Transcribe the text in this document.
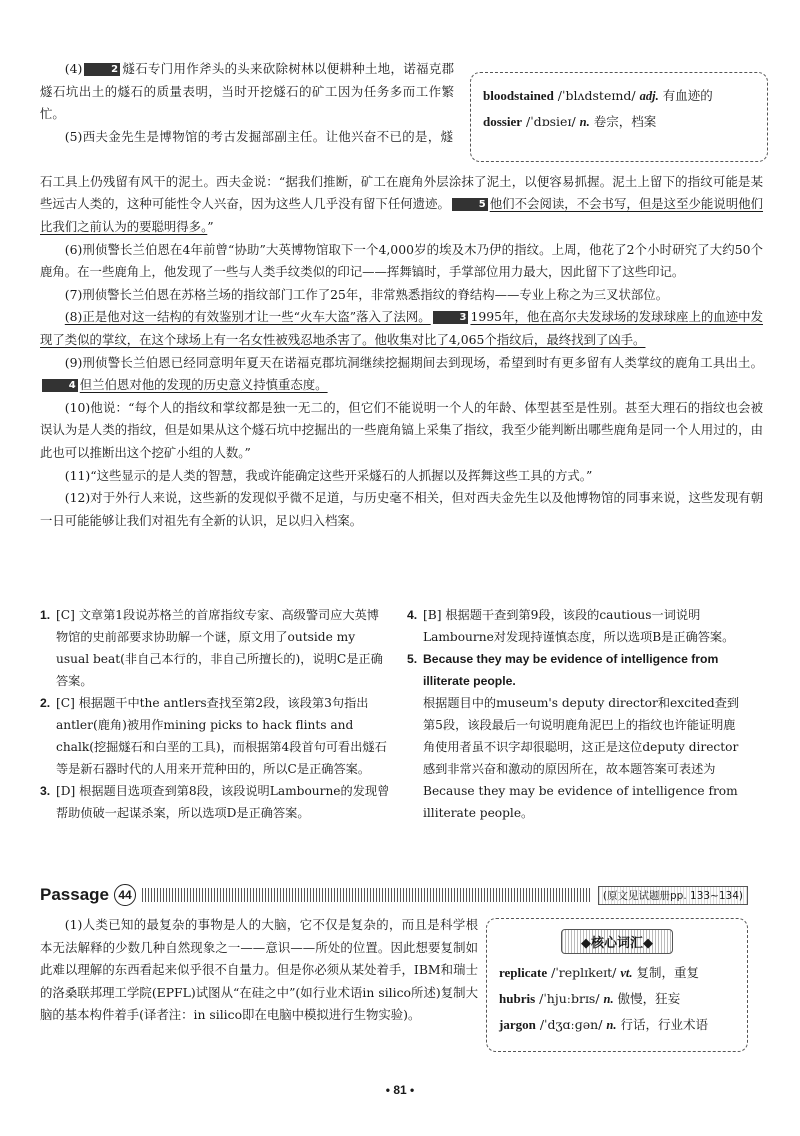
(4)	2 燧石专门用作斧头的头来砍除树林以便耕种土地，诺福克郡燧石坑出土的燧石的质量表明，当时开挖燧石的矿工因为任务多而工作繁忙。

(5)西夫金先生是博物馆的考古发掘部副主任。让他兴奋不已的是，燧石工具上仍残留有风干的泥土。西夫金说：“据我们推断，矿工在鹿角外层涂抹了泥土，以便容易抓握。泥土上留下的指纹可能是某些远古人类的，这种可能性令人兴奋，因为这些人几乎没有留下任何遗迹。	5 他们不会阅读，不会书写，但是这至少能说明他们比我们之前认为的要聪明得多。”

(6)刑侦警长兰伯恩在4年前曾“协助”大英博物馆取下一个4,000岁的埃及木乃伊的指纹。上周，他花了2个小时研究了大约50个鹿角。在一些鹿角上，他发现了一些与人类手纹类似的印记——挥舞镐时，手掌部位用力最大，因此留下了这些印记。

(7)刑侦警长兰伯恩在苏格兰场的指纹部门工作了25年，非常熟悉指纹的脊结构——专业上称之为三叉状部位。

(8)正是他对这一结构的有效鉴别才让一些“火车大盗”落入了法网。	3 1995年，他在高尔夫发球场的发球球座上的血迹中发现了类似的掌纹，在这个球场上有一名女性被残忍地杀害了。他收集对比了4,065个指纹后，最终找到了凶手。

(9)刑侦警长兰伯恩已经同意明年夏天在诺福克郡坑洞继续挖掘期间去到现场，希望到时有更多留有人类掌纹的鹿角工具出土。4 但兰伯恩对他的发现的历史意义持慎重态度。

(10)他说：“每个人的指纹和掌纹都是独一无二的，但它们不能说明一个人的年龄、体型甚至是性别。甚至大理石的指纹也会被误认为是人类的指纹，但是如果从这个燧石坑中挖掘出的一些鹿角镐上采集了指纹，我至少能判断出哪些鹿角是同一个人用过的，由此也可以推断出这个挖矿小组的人数。”

(11)“这些显示的是人类的智慧，我或许能确定这些开采燧石的人抓握以及挥舞这些工具的方式。”

(12)对于外行人来说，这些新的发现似乎微不足道，与历史毫不相关，但对西夫金先生以及他博物馆的同事来说，这些发现有朝一日可能能够让我们对祖先有全新的认识，足以归入档案。

bloodstained /ˈblʌdsteɪnd/ adj. 有血迹的
dossier /ˈdɒsieɪ/ n. 卷宗，档案
1. [C] 文章第1段说苏格兰的首席指纹专家、高级警司应大英博物馆的史前部要求协助解一个谜，原文用了outside my usual beat(非自己本行的，非自己所擅长的)，说明C是正确答案。
2. [C] 根据题干中the antlers查找至第2段，该段第3句指出antler(鹿角)被用作mining picks to hack flints and chalk(挖掘燧石和白垩的工具)，而根据第4段首句可看出燧石等是新石器时代的人用来开荒种田的，所以C是正确答案。
3. [D] 根据题目选项查到第8段，该段说明Lambourne的发现曾帮助侦破一起谋杀案，所以选项D是正确答案。
4. [B] 根据题干查到第9段，该段的cautious一词说明Lambourne对发现持谨慎态度，所以选项B是正确答案。
5. Because they may be evidence of intelligence from illiterate people.
根据题目中的museum's deputy director和excited查到第5段，该段最后一句说明鹿角泥巴上的指纹也许能证明鹿角使用者虽不识字却很聪明，这正是这位deputy director感到非常兴奋和激动的原因所在，故本题答案可表述为Because they may be evidence of intelligence from illiterate people。
Passage 44	(原文见试题册pp. 133~134)
(1)人类已知的最复杂的事物是人的大脑，它不仅是复杂的，而且是科学根本无法解释的少数几种自然现象之一——意识——所处的位置。因此想要复制如此难以理解的东西看起来似乎很不自量力。但是你必须从某处着手，IBM和瑞士的洛桑联邦理工学院(EPFL)试图从“在硅之中”(如行业术语in silico所述)复制大脑的基本构件着手(译者注：in silico即在电脑中模拟进行生物实验)。
◆核心词汇◆
replicate /ˈreplɪkeɪt/ vt. 复制，重复
hubris /ˈhjuːbrɪs/ n. 傲慢，狂妄
jargon /ˈdʒɑːɡən/ n. 行话，行业术语
• 81 •
